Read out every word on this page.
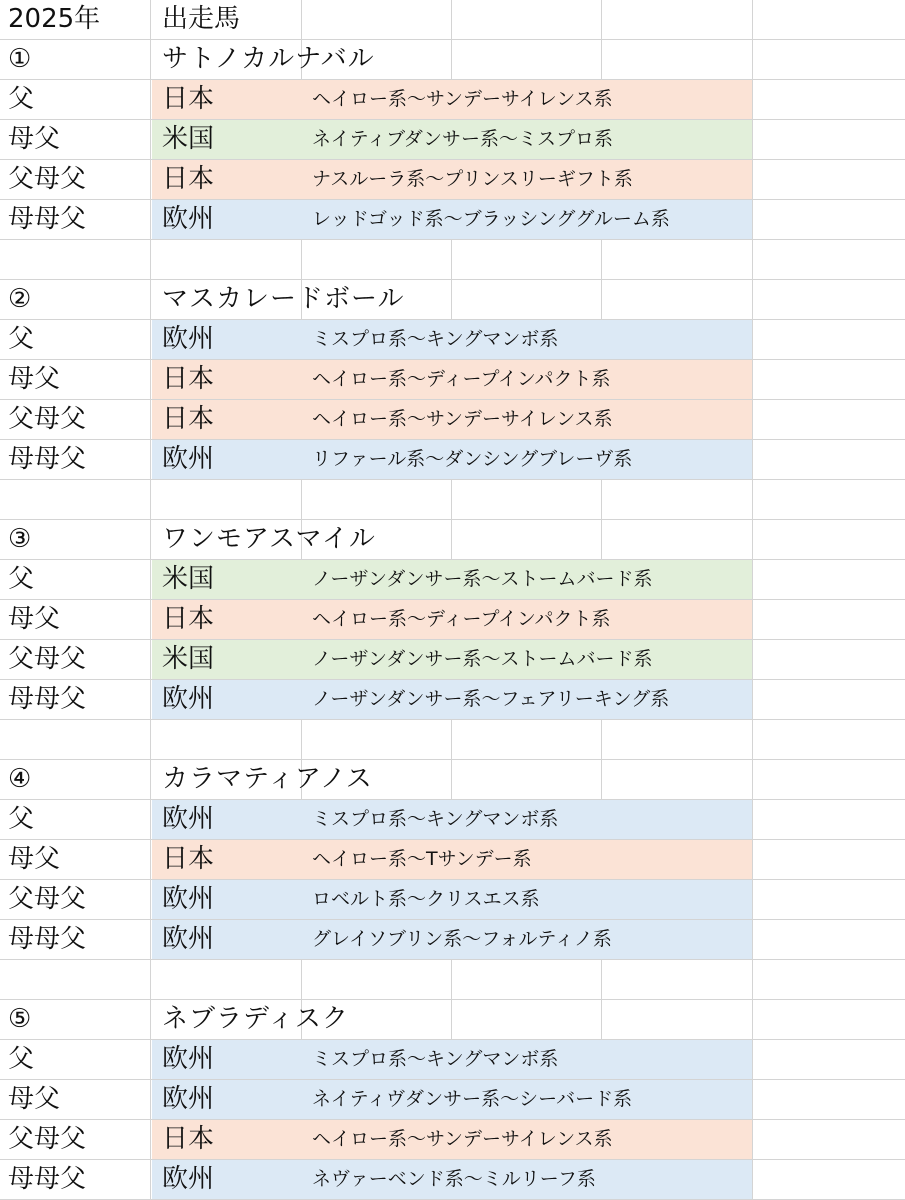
2025年	出走馬
①	サトノカルナバル
父	日本	ヘイロー系〜サンデーサイレンス系
母父	米国	ネイティブダンサー系〜ミスプロ系
父母父	日本	ナスルーラ系〜プリンスリーギフト系
母母父	欧州	レッドゴッド系〜ブラッシンググルーム系
②	マスカレードボール
父	欧州	ミスプロ系〜キングマンボ系
母父	日本	ヘイロー系〜ディープインパクト系
父母父	日本	ヘイロー系〜サンデーサイレンス系
母母父	欧州	リファール系〜ダンシングブレーヴ系
③	ワンモアスマイル
父	米国	ノーザンダンサー系〜ストームバード系
母父	日本	ヘイロー系〜ディープインパクト系
父母父	米国	ノーザンダンサー系〜ストームバード系
母母父	欧州	ノーザンダンサー系〜フェアリーキング系
④	カラマティアノス
父	欧州	ミスプロ系〜キングマンボ系
母父	日本	ヘイロー系〜Tサンデー系
父母父	欧州	ロベルト系〜クリスエス系
母母父	欧州	グレイソブリン系〜フォルティノ系
⑤	ネブラディスク
父	欧州	ミスプロ系〜キングマンボ系
母父	欧州	ネイティヴダンサー系〜シーバード系
父母父	日本	ヘイロー系〜サンデーサイレンス系
母母父	欧州	ネヴァーベンド系〜ミルリーフ系
